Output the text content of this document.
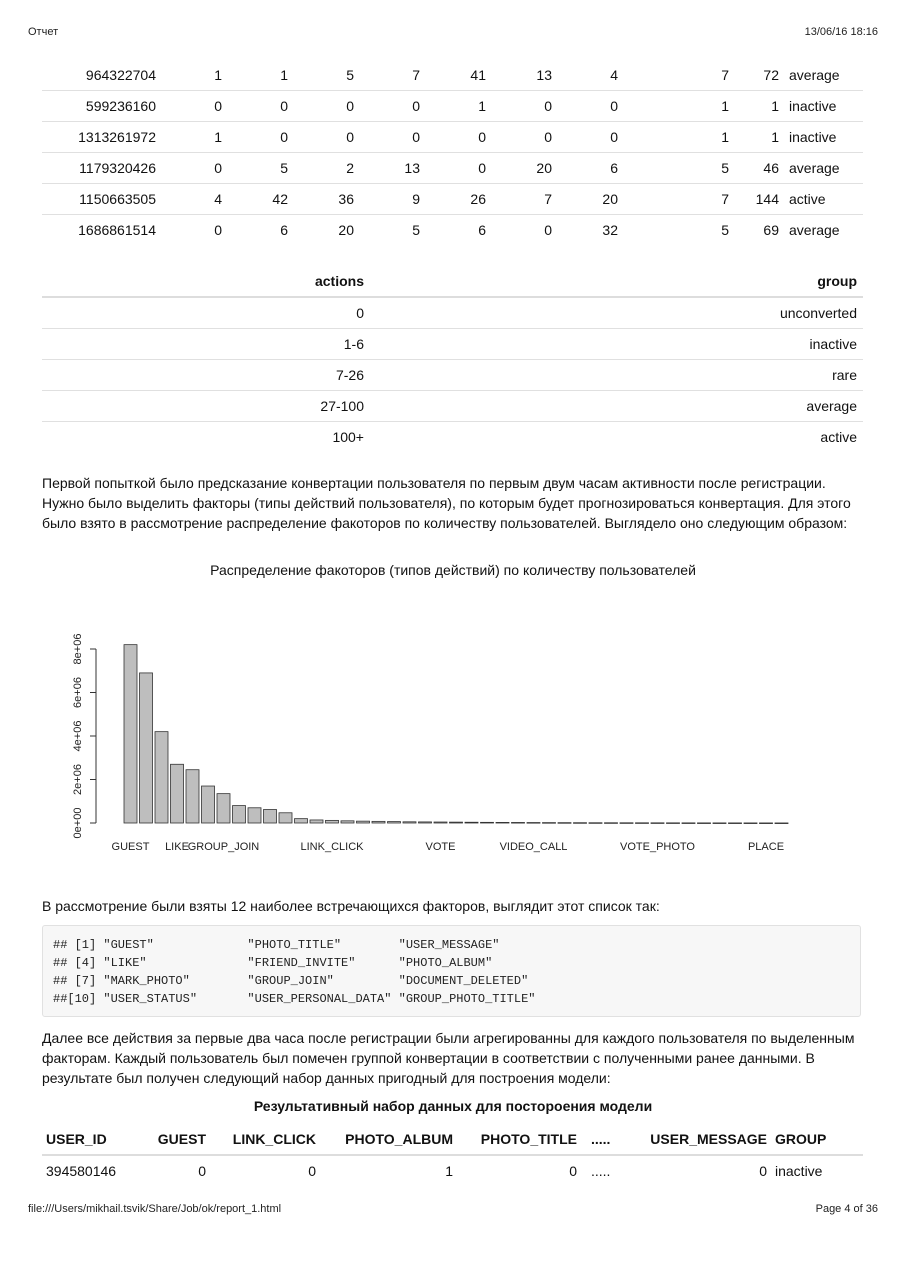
Отчет	13/06/16 18:16
964322704	1	1	5	7	41	13	4	7	72	average
599236160	0	0	0	0	1	0	0	1	1	inactive
1313261972	1	0	0	0	0	0	0	1	1	inactive
1179320426	0	5	2	13	0	20	6	5	46	average
1150663505	4	42	36	9	26	7	20	7	144	active
1686861514	0	6	20	5	6	0	32	5	69	average
actions	group
0	unconverted
1-6	inactive
7-26	rare
27-100	average
100+	active

Первой попыткой было предсказание конвертации пользователя по первым двум часам активности после регистрации. Нужно было выделить факторы (типы действий пользователя), по которым будет прогнозироваться конвертация. Для этого было взято в рассмотрение распределение факоторов по количеству пользователей. Выглядело оно следующим образом:

Распределение факоторов (типов действий) по количеству пользователей
0e+00
2e+06
4e+06
6e+06
8e+06
GUEST LIKE
GROUP_JOIN	LINK_CLICK	VOTE	VIDEO_CALL	VOTE_PHOTO	PLACE

В рассмотрение были взяты 12 наиболее встречающихся факторов, выглядит этот список так:

## [1] "GUEST"             "PHOTO_TITLE"        "USER_MESSAGE"
## [4] "LIKE"              "FRIEND_INVITE"      "PHOTO_ALBUM"
## [7] "MARK_PHOTO"        "GROUP_JOIN"         "DOCUMENT_DELETED"
##[10] "USER_STATUS"       "USER_PERSONAL_DATA" "GROUP_PHOTO_TITLE"

Далее все действия за первые два часа после регистрации были агрегированны для каждого пользователя по выделенным факторам. Каждый пользователь был помечен группой конвертации в соответствии с полученными ранее данными. В результате был получен следующий набор данных пригодный для построения модели:

Результативный набор данных для постороения модели
USER_ID	GUEST	LINK_CLICK	PHOTO_ALBUM	PHOTO_TITLE	.....	USER_MESSAGE	GROUP
394580146	0	0	1	0	.....	0	inactive
file:///Users/mikhail.tsvik/Share/Job/ok/report_1.html	Page 4 of 36
